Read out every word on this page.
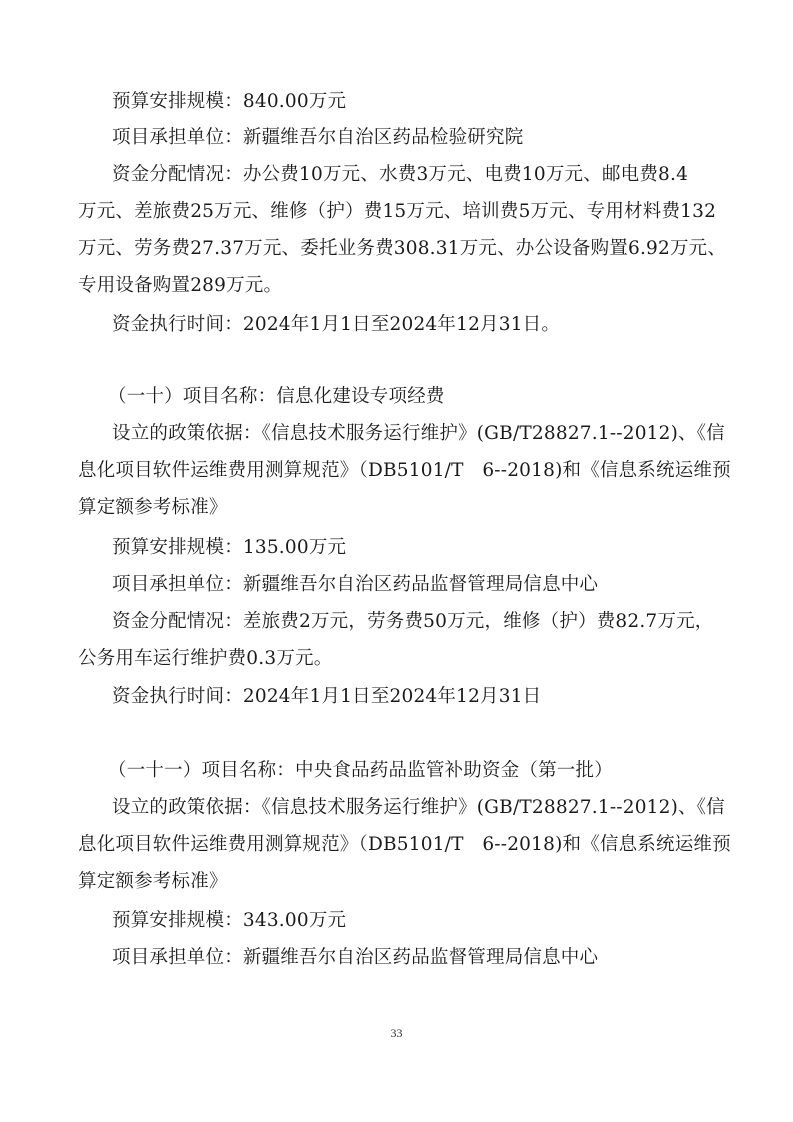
预算安排规模：840.00万元
项目承担单位：新疆维吾尔自治区药品检验研究院
资金分配情况：办公费10万元、水费3万元、电费10万元、邮电费8.4
万元、差旅费25万元、维修（护）费15万元、培训费5万元、专用材料费132
万元、劳务费27.37万元、委托业务费308.31万元、办公设备购置6.92万元、
专用设备购置289万元。
资金执行时间：2024年1月1日至2024年12月31日。
（一十）项目名称：信息化建设专项经费
设立的政策依据：《信息技术服务运行维护》(GB/T28827.1--2012)、《信
息化项目软件运维费用测算规范》（DB5101/T　6--2018)和《信息系统运维预
算定额参考标准》
预算安排规模：135.00万元
项目承担单位：新疆维吾尔自治区药品监督管理局信息中心
资金分配情况：差旅费2万元，劳务费50万元，维修（护）费82.7万元，
公务用车运行维护费0.3万元。
资金执行时间：2024年1月1日至2024年12月31日
（一十一）项目名称：中央食品药品监管补助资金（第一批）
设立的政策依据：《信息技术服务运行维护》(GB/T28827.1--2012)、《信
息化项目软件运维费用测算规范》（DB5101/T　6--2018)和《信息系统运维预
算定额参考标准》
预算安排规模：343.00万元
项目承担单位：新疆维吾尔自治区药品监督管理局信息中心
33
